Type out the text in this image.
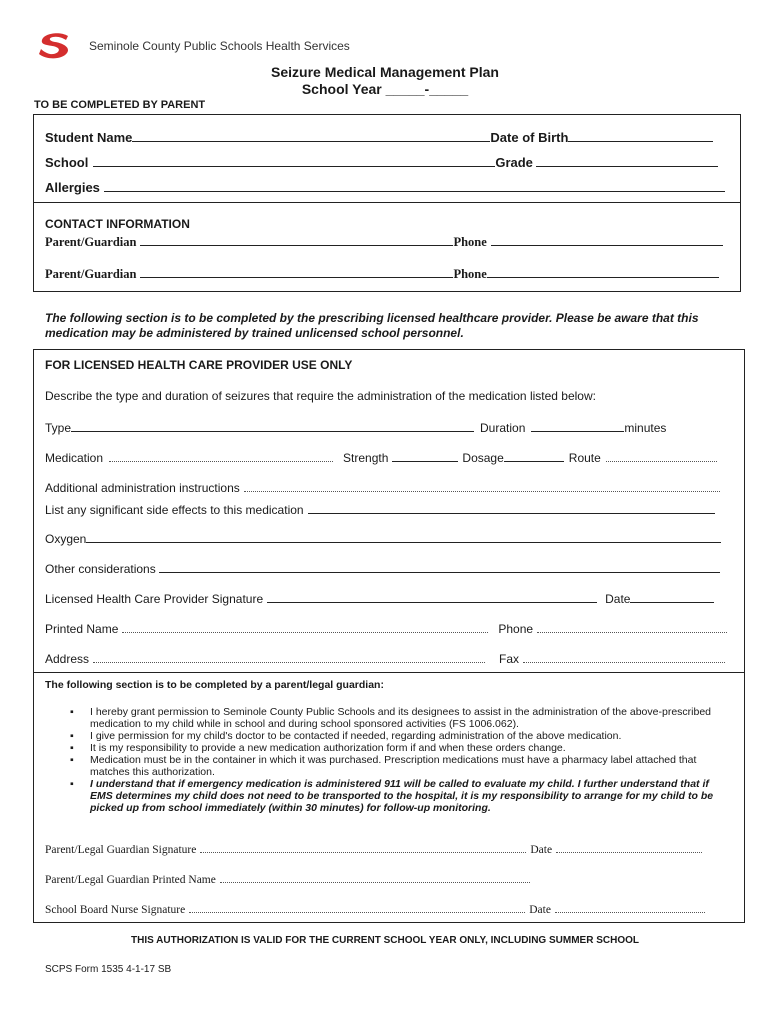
Seminole County Public Schools Health Services
Seizure Medical Management Plan
School Year _____-_____
TO BE COMPLETED BY PARENT
Student Name	Date of Birth
School	Grade
Allergies
CONTACT INFORMATION
Parent/Guardian	Phone
Parent/Guardian	Phone
The following section is to be completed by the prescribing licensed healthcare provider. Please be aware that this medication may be administered by trained unlicensed school personnel.
FOR LICENSED HEALTH CARE PROVIDER USE ONLY
Describe the type and duration of seizures that require the administration of the medication listed below:
Type	Duration	minutes
Medication	Strength	Dosage	Route
Additional administration instructions
List any significant side effects to this medication
Oxygen
Other considerations
Licensed Health Care Provider Signature	Date
Printed Name	Phone
Address	Fax
The following section is to be completed by a parent/legal guardian:
▪ I hereby grant permission to Seminole County Public Schools and its designees to assist in the administration of the above-prescribed medication to my child while in school and during school sponsored activities (FS 1006.062).
▪ I give permission for my child's doctor to be contacted if needed, regarding administration of the above medication.
▪ It is my responsibility to provide a new medication authorization form if and when these orders change.
▪ Medication must be in the container in which it was purchased. Prescription medications must have a pharmacy label attached that matches this authorization.
▪ I understand that if emergency medication is administered 911 will be called to evaluate my child. I further understand that if EMS determines my child does not need to be transported to the hospital, it is my responsibility to arrange for my child to be picked up from school immediately (within 30 minutes) for follow-up monitoring.
Parent/Legal Guardian Signature	Date
Parent/Legal Guardian Printed Name
School Board Nurse Signature	Date
THIS AUTHORIZATION IS VALID FOR THE CURRENT SCHOOL YEAR ONLY, INCLUDING SUMMER SCHOOL
SCPS Form 1535 4-1-17 SB
